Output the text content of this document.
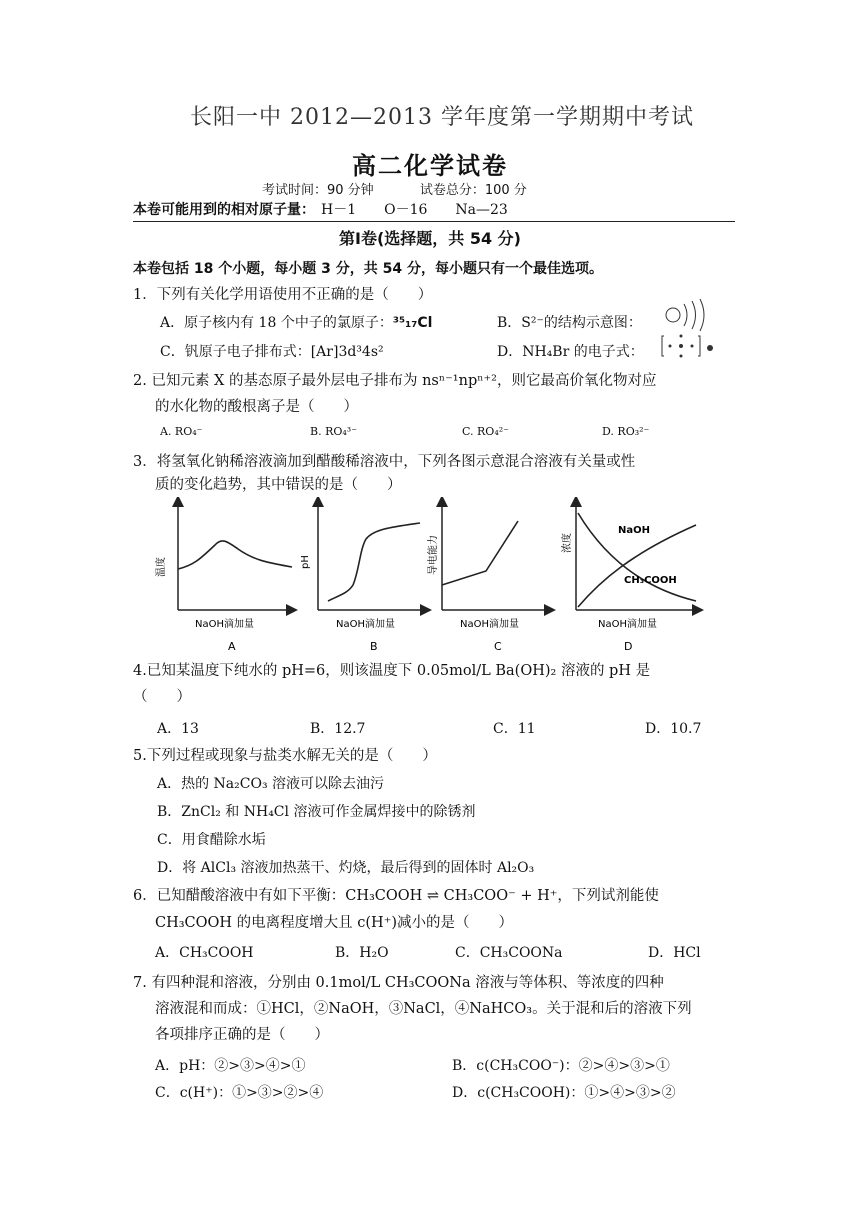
长阳一中 2012—2013 学年度第一学期期中考试
高二化学试卷
考试时间：90 分钟	试卷总分：100 分
本卷可能用到的相对原子量： H－1　　O－16　　Na—23
第Ⅰ卷(选择题，共 54 分)
本卷包括 18 个小题，每小题 3 分，共 54 分，每小题只有一个最佳选项。
1．下列有关化学用语使用不正确的是（　　）
A．原子核内有 18 个中子的氯原子：³⁵₁₇Cl	B．S²⁻的结构示意图：
C．钒原子电子排布式：[Ar]3d³4s²	D．NH₄Br 的电子式：
2. 已知元素 X 的基态原子最外层电子排布为 nsⁿ⁻¹npⁿ⁺²，则它最高价氧化物对应
的水化物的酸根离子是（　　）
A. RO₄⁻	B. RO₄³⁻	C. RO₄²⁻	D. RO₃²⁻
3．将氢氧化钠稀溶液滴加到醋酸稀溶液中，下列各图示意混合溶液有关量或性
质的变化趋势，其中错误的是（　　）
温度
NaOH滴加量
A
pH
NaOH滴加量
B
导电能力
NaOH滴加量
C
NaOH
CH₃COOH
浓度
NaOH滴加量
D
4.已知某温度下纯水的 pH=6，则该温度下 0.05mol/L Ba(OH)₂ 溶液的 pH 是
（　　）
A．13	B．12.7	C．11	D．10.7
5.下列过程或现象与盐类水解无关的是（　　）
A．热的 Na₂CO₃ 溶液可以除去油污
B．ZnCl₂ 和 NH₄Cl 溶液可作金属焊接中的除锈剂
C．用食醋除水垢
D．将 AlCl₃ 溶液加热蒸干、灼烧，最后得到的固体时 Al₂O₃
6．已知醋酸溶液中有如下平衡：CH₃COOH ⇌ CH₃COO⁻ + H⁺，下列试剂能使
CH₃COOH 的电离程度增大且 c(H⁺)减小的是（　　）
A．CH₃COOH	B．H₂O	C．CH₃COONa	D．HCl
7. 有四种混和溶液，分别由 0.1mol/L CH₃COONa 溶液与等体积、等浓度的四种
溶液混和而成：①HCl，②NaOH，③NaCl，④NaHCO₃。关于混和后的溶液下列
各项排序正确的是（　　）
A．pH：②>③>④>①	B．c(CH₃COO⁻)：②>④>③>①
C．c(H⁺)：①>③>②>④	D．c(CH₃COOH)：①>④>③>②
